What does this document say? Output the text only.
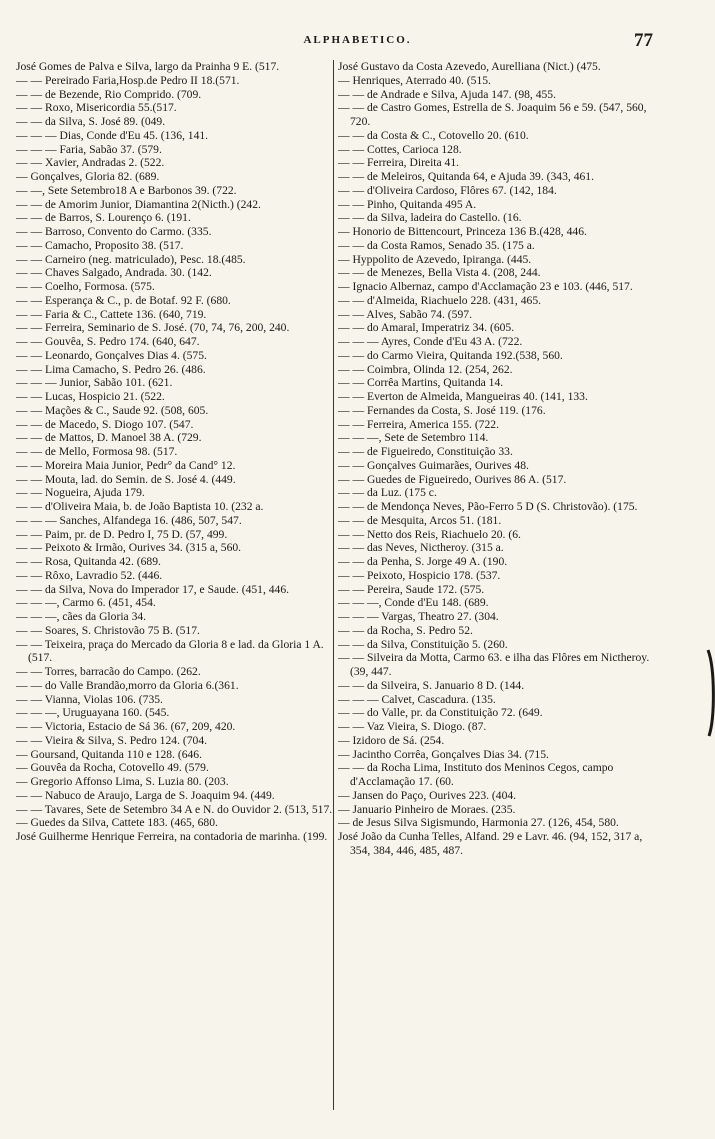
ALPHABETICO.	77
José Gomes de Palva e Silva, largo da Prainha 9 E. (517.
— — Pereirado Faria,Hosp.de Pedro II 18.(571.
— — de Bezende, Rio Comprido. (709.
— — Roxo, Misericordia 55.(517.
— — da Silva, S. José 89. (049.
— — — Dias, Conde d'Eu 45. (136, 141.
— — — Faria, Sabão 37. (579.
— — Xavier, Andradas 2. (522.
— Gonçalves, Gloria 82. (689.
— —, Sete Setembro18 A e Barbonos 39. (722.
— — de Amorim Junior, Diamantina 2(Nicth.) (242.
— — de Barros, S. Lourenço 6. (191.
— — Barroso, Convento do Carmo. (335.
— — Camacho, Proposito 38. (517.
— — Carneiro (neg. matriculado), Pesc. 18.(485.
— — Chaves Salgado, Andrada. 30. (142.
— — Coelho, Formosa. (575.
— — Esperança & C., p. de Botaf. 92 F. (680.
— — Faria & C., Cattete 136. (640, 719.
— — Ferreira, Seminario de S. José. (70, 74, 76, 200, 240.
— — Gouvêa, S. Pedro 174. (640, 647.
— — Leonardo, Gonçalves Dias 4. (575.
— — Lima Camacho, S. Pedro 26. (486.
— — — Junior, Sabão 101. (621.
— — Lucas, Hospicio 21. (522.
— — Mações & C., Saude 92. (508, 605.
— — de Macedo, S. Diogo 107. (547.
— — de Mattos, D. Manoel 38 A. (729.
— — de Mello, Formosa 98. (517.
— — Moreira Maia Junior, Pedr° da Cand° 12.
— — Mouta, lad. do Semin. de S. José 4. (449.
— — Nogueira, Ajuda 179.
— — d'Oliveira Maia, b. de João Baptista 10. (232 a.
— — — Sanches, Alfandega 16. (486, 507, 547.
— — Paim, pr. de D. Pedro I, 75 D. (57, 499.
— — Peixoto & Irmão, Ourives 34. (315 a, 560.
— — Rosa, Quitanda 42. (689.
— — Rôxo, Lavradio 52. (446.
— — da Silva, Nova do Imperador 17, e Saude. (451, 446.
— — —, Carmo 6. (451, 454.
— — —, cães da Gloria 34.
— — Soares, S. Christovão 75 B. (517.
— — Teixeira, praça do Mercado da Gloria 8 e lad. da Gloria 1 A. (517.
— — Torres, barracão do Campo. (262.
— — do Valle Brandão,morro da Gloria 6.(361.
— — Vianna, Violas 106. (735.
— — —, Uruguayana 160. (545.
— — Victoria, Estacio de Sá 36. (67, 209, 420.
— — Vieira & Silva, S. Pedro 124. (704.
— Goursand, Quitanda 110 e 128. (646.
— Gouvêa da Rocha, Cotovello 49. (579.
— Gregorio Affonso Lima, S. Luzia 80. (203.
— — Nabuco de Araujo, Larga de S. Joaquim 94. (449.
— — Tavares, Sete de Setembro 34 A e N. do Ouvidor 2. (513, 517.
— Guedes da Silva, Cattete 183. (465, 680.
José Guilherme Henrique Ferreira, na contadoria de marinha. (199.
José Gustavo da Costa Azevedo, Aurelliana (Nict.) (475.
— Henriques, Aterrado 40. (515.
— — de Andrade e Silva, Ajuda 147. (98, 455.
— — de Castro Gomes, Estrella de S. Joaquim 56 e 59. (547, 560, 720.
— — da Costa & C., Cotovello 20. (610.
— — Cottes, Carioca 128.
— — Ferreira, Direita 41.
— — de Meleiros, Quitanda 64, e Ajuda 39. (343, 461.
— — d'Oliveira Cardoso, Flôres 67. (142, 184.
— — Pinho, Quitanda 495 A.
— — da Silva, ladeira do Castello. (16.
— Honorio de Bittencourt, Princeza 136 B.(428, 446.
— — da Costa Ramos, Senado 35. (175 a.
— Hyppolito de Azevedo, Ipiranga. (445.
— — de Menezes, Bella Vista 4. (208, 244.
— Ignacio Albernaz, campo d'Acclamação 23 e 103. (446, 517.
— — d'Almeida, Riachuelo 228. (431, 465.
— — Alves, Sabão 74. (597.
— — do Amaral, Imperatriz 34. (605.
— — — Ayres, Conde d'Eu 43 A. (722.
— — do Carmo Vieira, Quitanda 192.(538, 560.
— — Coimbra, Olinda 12. (254, 262.
— — Corrêa Martins, Quitanda 14.
— — Everton de Almeida, Mangueiras 40. (141, 133.
— — Fernandes da Costa, S. José 119. (176.
— — Ferreira, America 155. (722.
— — —, Sete de Setembro 114.
— — de Figueiredo, Constituição 33.
— — Gonçalves Guimarães, Ourives 48.
— — Guedes de Figueiredo, Ourives 86 A. (517.
— — da Luz. (175 c.
— — de Mendonça Neves, Pão-Ferro 5 D (S. Christovão). (175.
— — de Mesquita, Arcos 51. (181.
— — Netto dos Reis, Riachuelo 20. (6.
— — das Neves, Nictheroy. (315 a.
— — da Penha, S. Jorge 49 A. (190.
— — Peixoto, Hospicio 178. (537.
— — Pereira, Saude 172. (575.
— — —, Conde d'Eu 148. (689.
— — — Vargas, Theatro 27. (304.
— — da Rocha, S. Pedro 52.
— — da Silva, Constituição 5. (260.
— — Silveira da Motta, Carmo 63. e ilha das Flôres em Nictheroy. (39, 447.
— — da Silveira, S. Januario 8 D. (144.
— — — Calvet, Cascadura. (135.
— — do Valle, pr. da Constituição 72. (649.
— — Vaz Vieira, S. Diogo. (87.
— Izidoro de Sá. (254.
— Jacintho Corrêa, Gonçalves Dias 34. (715.
— — da Rocha Lima, Instituto dos Meninos Cegos, campo d'Acclamação 17. (60.
— Jansen do Paço, Ourives 223. (404.
— Januario Pinheiro de Moraes. (235.
— de Jesus Silva Sigismundo, Harmonia 27. (126, 454, 580.
José João da Cunha Telles, Alfand. 29 e Lavr. 46. (94, 152, 317 a, 354, 384, 446, 485, 487.
